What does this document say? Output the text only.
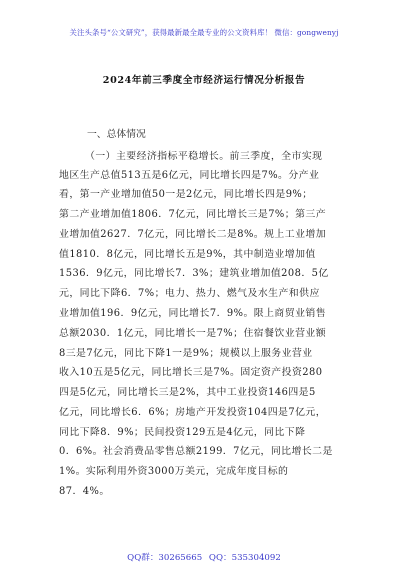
关注头条号“公文研究”，获得最新最全最专业的公文资料库！ 微信：gongwenyj
2024年前三季度全市经济运行情况分析报告
一、总体情况
（一）主要经济指标平稳增长。前三季度，全市实现
地区生产总值513五是6亿元，同比增长四是7%。分产业
看，第一产业增加值50一是2亿元，同比增长四是9%；
第二产业增加值1806．7亿元，同比增长三是7%；第三产
业增加值2627．7亿元，同比增长二是8%。规上工业增加
值1810．8亿元，同比增长五是9%，其中制造业增加值
1536．9亿元，同比增长7．3%；建筑业增加值208．5亿
元，同比下降6．7%；电力、热力、燃气及水生产和供应
业增加值196．9亿元，同比增长7．9%。限上商贸业销售
总额2030．1亿元，同比增长一是7%；住宿餐饮业营业额
8三是7亿元，同比下降1一是9%；规模以上服务业营业
收入10五是5亿元，同比增长三是7%。固定资产投资280
四是5亿元，同比增长三是2%，其中工业投资146四是5
亿元，同比增长6．6%；房地产开发投资104四是7亿元，
同比下降8．9%；民间投资129五是4亿元，同比下降
0．6%。社会消费品零售总额2199．7亿元，同比增长二是
1%。实际利用外资3000万美元，完成年度目标的
87．4%。
QQ群：30265665 QQ：535304092
